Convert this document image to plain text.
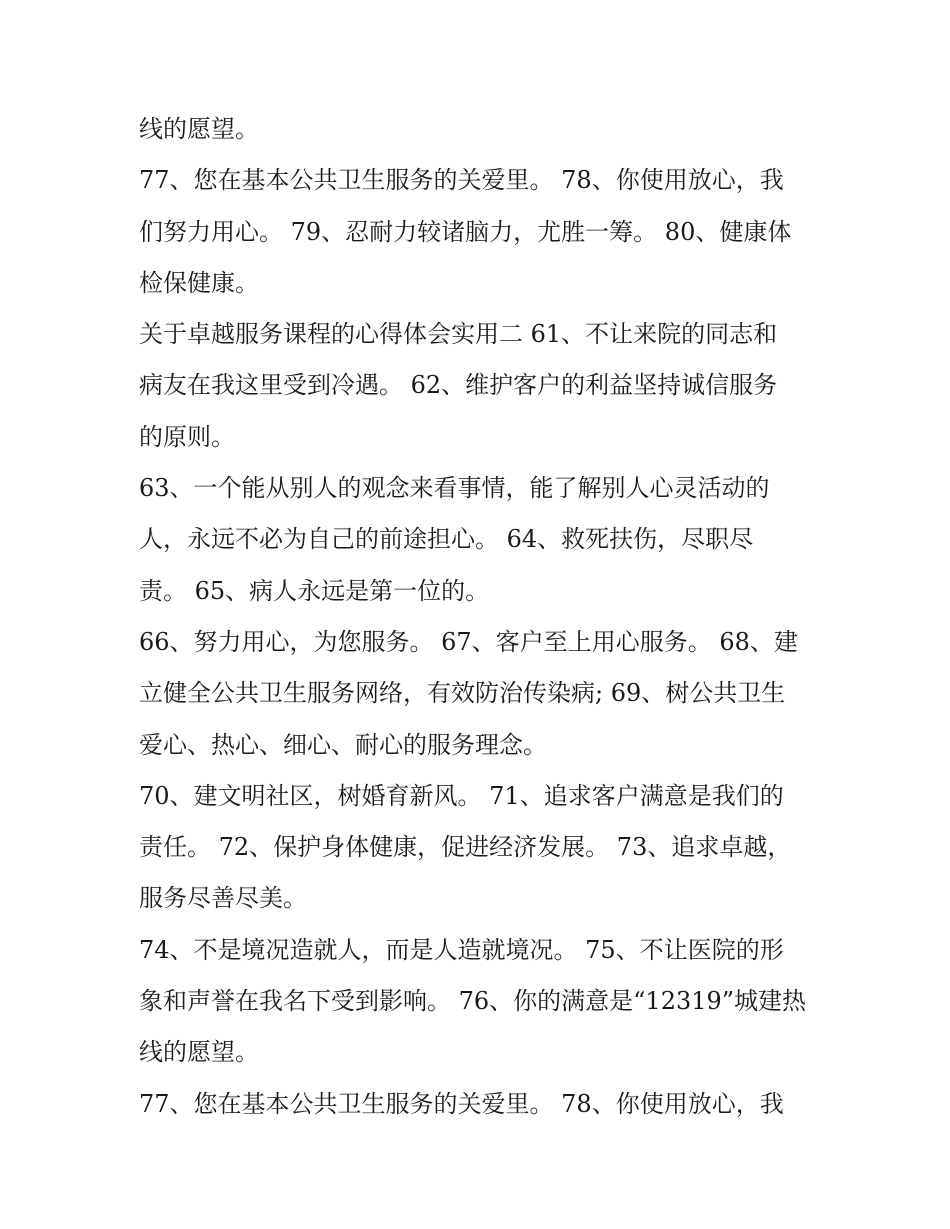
线的愿望。
77、您在基本公共卫生服务的关爱里。 78、你使用放心，我
们努力用心。 79、忍耐力较诸脑力，尤胜一筹。 80、健康体
检保健康。
关于卓越服务课程的心得体会实用二 61、不让来院的同志和
病友在我这里受到冷遇。 62、维护客户的利益坚持诚信服务
的原则。
63、一个能从别人的观念来看事情，能了解别人心灵活动的
人，永远不必为自己的前途担心。 64、救死扶伤，尽职尽
责。 65、病人永远是第一位的。
66、努力用心，为您服务。 67、客户至上用心服务。 68、建
立健全公共卫生服务网络，有效防治传染病; 69、树公共卫生
爱心、热心、细心、耐心的服务理念。
70、建文明社区，树婚育新风。 71、追求客户满意是我们的
责任。 72、保护身体健康，促进经济发展。 73、追求卓越，
服务尽善尽美。
74、不是境况造就人，而是人造就境况。 75、不让医院的形
象和声誉在我名下受到影响。 76、你的满意是“12319”城建热
线的愿望。
77、您在基本公共卫生服务的关爱里。 78、你使用放心，我
